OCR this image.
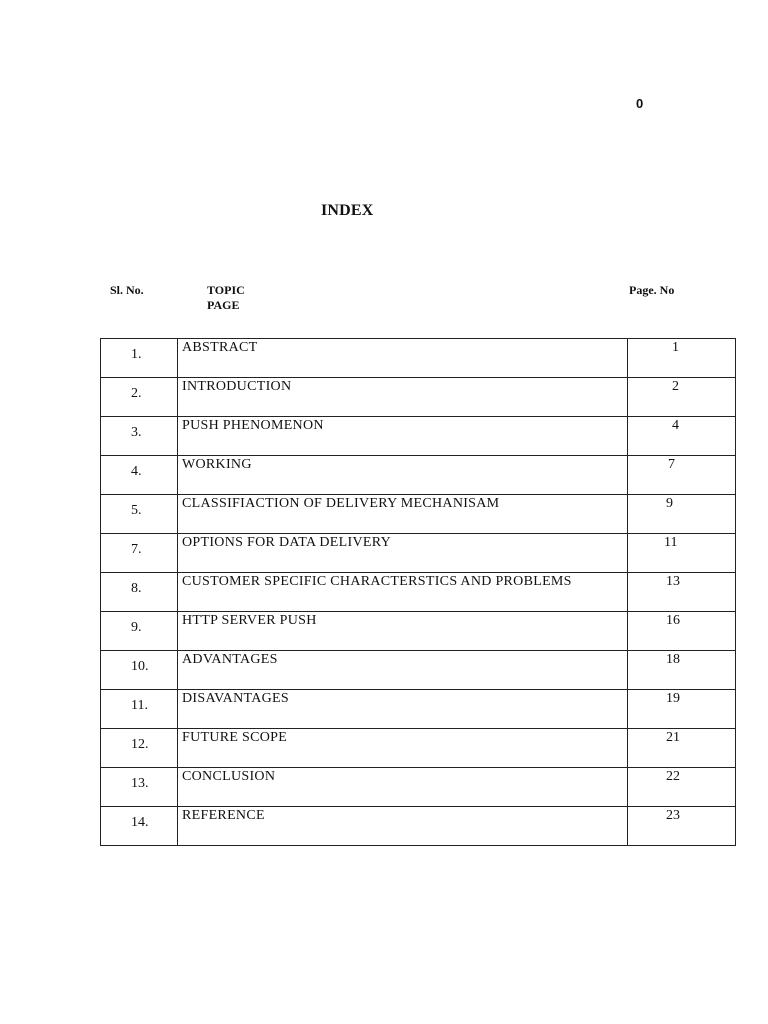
0
INDEX
Sl. No.	TOPIC
PAGE
Page. No
1.	ABSTRACT	1

2.	INTRODUCTION	2

3.	PUSH PHENOMENON	4

4.	WORKING	7

5.	CLASSIFIACTION OF DELIVERY MECHANISAM	9

7.	OPTIONS FOR DATA DELIVERY	11

8.	CUSTOMER SPECIFIC CHARACTERSTICS AND PROBLEMS	13

9.	HTTP SERVER PUSH	16

10.	ADVANTAGES	18

11.	DISAVANTAGES	19

12.	FUTURE SCOPE	21

13.	CONCLUSION	22

14.	REFERENCE	23
